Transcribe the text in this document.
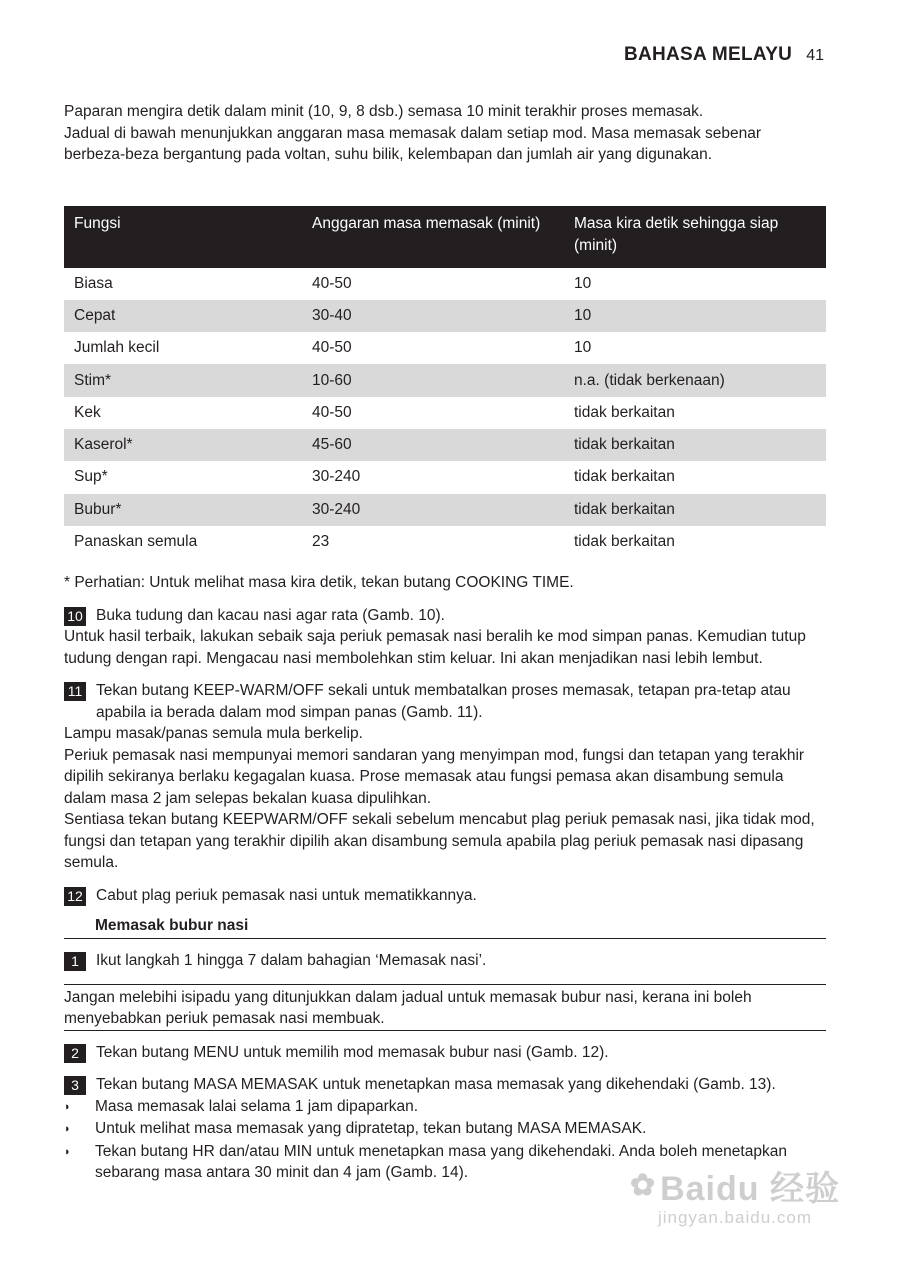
BAHASA MELAYU 41

Paparan mengira detik dalam minit (10, 9, 8 dsb.) semasa 10 minit terakhir proses memasak.

Jadual di bawah menunjukkan anggaran masa memasak dalam setiap mod. Masa memasak sebenar berbeza-beza bergantung pada voltan, suhu bilik, kelembapan dan jumlah air yang digunakan.

Fungsi	Anggaran masa memasak (minit)	Masa kira detik sehingga siap (minit)
Biasa	40-50	10
Cepat	30-40	10
Jumlah kecil	40-50	10
Stim*	10-60	n.a. (tidak berkenaan)
Kek	40-50	tidak berkaitan
Kaserol*	45-60	tidak berkaitan
Sup*	30-240	tidak berkaitan
Bubur*	30-240	tidak berkaitan
Panaskan semula	23	tidak berkaitan

* Perhatian: Untuk melihat masa kira detik, tekan butang COOKING TIME.

10 Buka tudung dan kacau nasi agar rata (Gamb. 10).

Untuk hasil terbaik, lakukan sebaik saja periuk pemasak nasi beralih ke mod simpan panas. Kemudian tutup tudung dengan rapi. Mengacau nasi membolehkan stim keluar. Ini akan menjadikan nasi lebih lembut.

11 Tekan butang KEEP-WARM/OFF sekali untuk membatalkan proses memasak, tetapan pra-tetap atau apabila ia berada dalam mod simpan panas (Gamb. 11).

Lampu masak/panas semula mula berkelip.

Periuk pemasak nasi mempunyai memori sandaran yang menyimpan mod, fungsi dan tetapan yang terakhir dipilih sekiranya berlaku kegagalan kuasa. Prose memasak atau fungsi pemasa akan disambung semula dalam masa 2 jam selepas bekalan kuasa dipulihkan.

Sentiasa tekan butang KEEPWARM/OFF sekali sebelum mencabut plag periuk pemasak nasi, jika tidak mod, fungsi dan tetapan yang terakhir dipilih akan disambung semula apabila plag periuk pemasak nasi dipasang semula.

12 Cabut plag periuk pemasak nasi untuk mematikkannya.
Memasak bubur nasi
1	Ikut langkah 1 hingga 7 dalam bahagian ‘Memasak nasi’.

Jangan melebihi isipadu yang ditunjukkan dalam jadual untuk memasak bubur nasi, kerana ini boleh menyebabkan periuk pemasak nasi membuak.

2	Tekan butang MENU untuk memilih mod memasak bubur nasi (Gamb. 12).
3	Tekan butang MASA MEMASAK untuk menetapkan masa memasak yang dikehendaki (Gamb. 13).
◗	Masa memasak lalai selama 1 jam dipaparkan.
◗	Untuk melihat masa memasak yang dipratetap, tekan butang MASA MEMASAK.
◗	Tekan butang HR dan/atau MIN untuk menetapkan masa yang dikehendaki. Anda boleh menetapkan sebarang masa antara 30 minit dan 4 jam (Gamb. 14).	✿ Baidu 经验
jingyan.baidu.com
